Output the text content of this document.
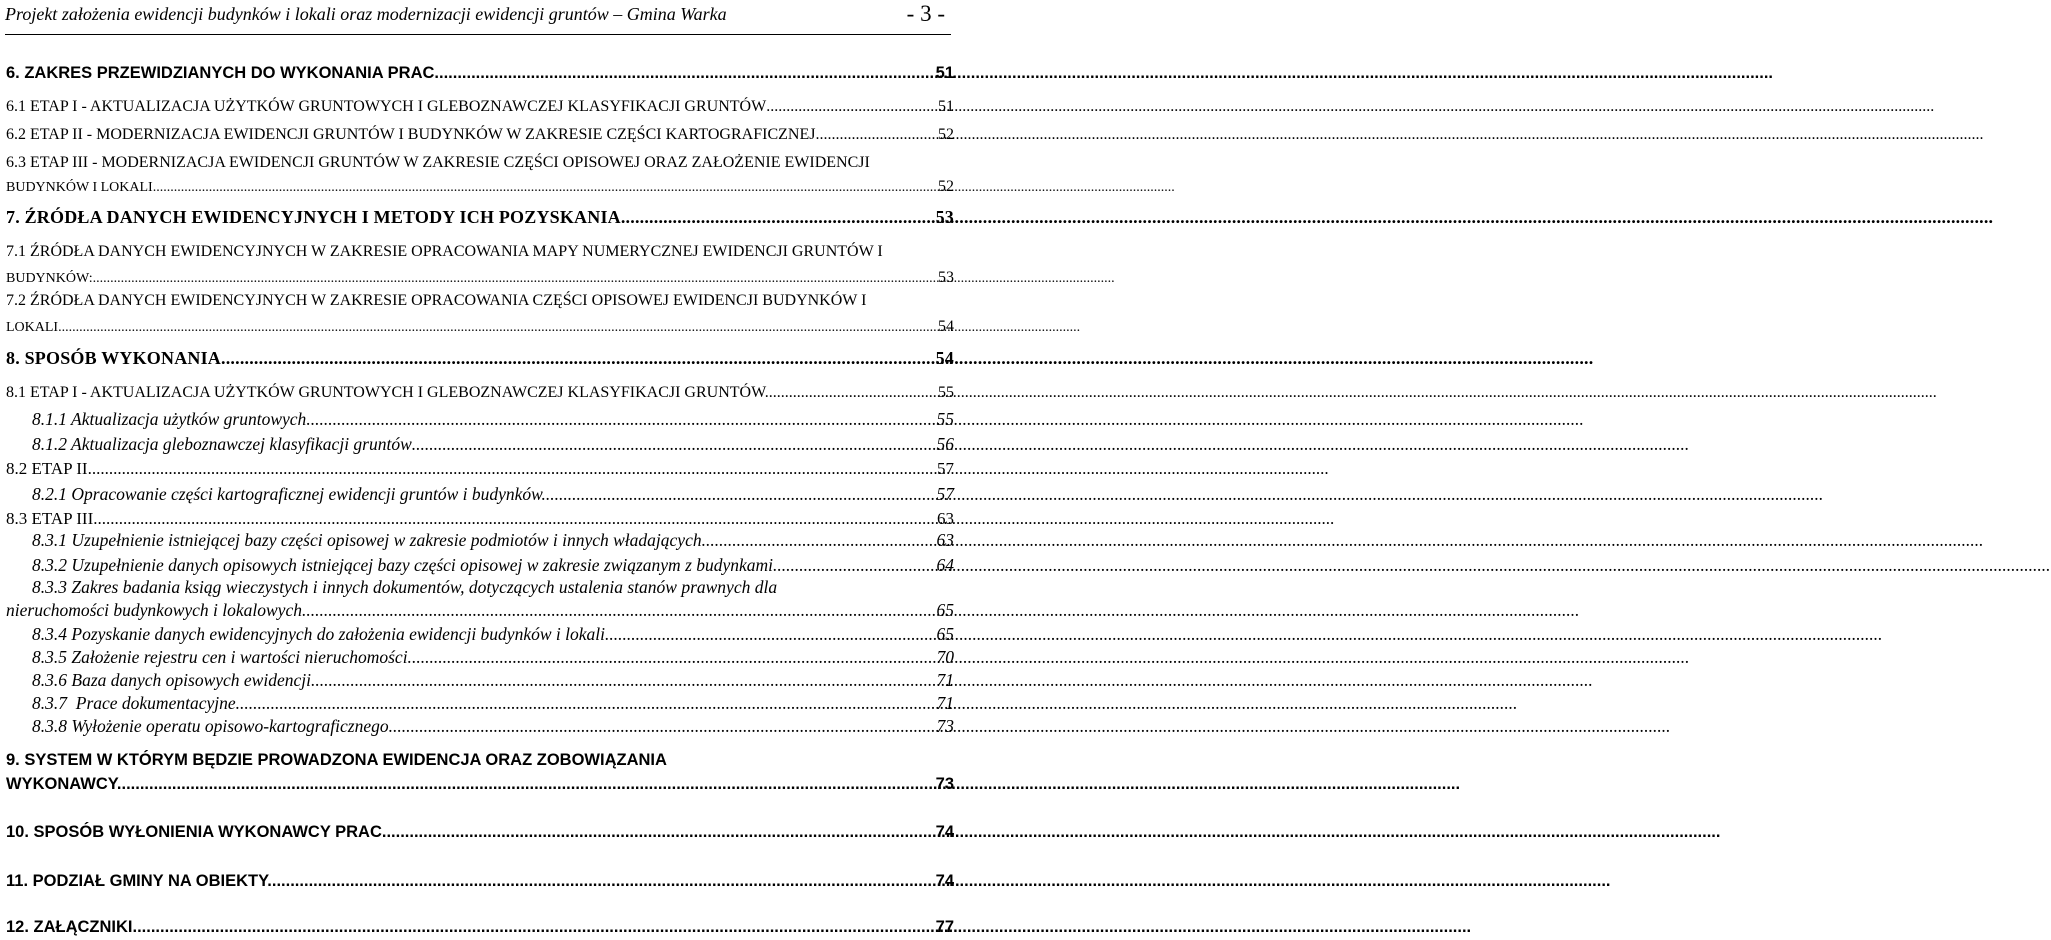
Projekt założenia ewidencji budynków i lokali oraz modernizacji ewidencji gruntów – Gmina Warka	- 3 -
6. ZAKRES PRZEWIDZIANYCH DO WYKONANIA PRAC .....	51
6.1 ETAP I - AKTUALIZACJA UŻYTKÓW GRUNTOWYCH I GLEBOZNAWCZEJ KLASYFIKACJI GRUNTÓW .....	51
6.2 ETAP II - MODERNIZACJA EWIDENCJI GRUNTÓW I BUDYNKÓW W ZAKRESIE CZĘŚCI KARTOGRAFICZNEJ .....	52
6.3 ETAP III - MODERNIZACJA EWIDENCJI GRUNTÓW W ZAKRESIE CZĘŚCI OPISOWEJ ORAZ ZAŁOŻENIE EWIDENCJI
BUDYNKÓW I LOKALI .....	52
7. ŹRÓDŁA DANYCH EWIDENCYJNYCH I METODY ICH POZYSKANIA .....	53
7.1 ŹRÓDŁA DANYCH EWIDENCYJNYCH W ZAKRESIE OPRACOWANIA MAPY NUMERYCZNEJ EWIDENCJI GRUNTÓW I
BUDYNKÓW: .....	53
7.2 ŹRÓDŁA DANYCH EWIDENCYJNYCH W ZAKRESIE OPRACOWANIA CZĘŚCI OPISOWEJ EWIDENCJI BUDYNKÓW I
LOKALI .....	54
8. SPOSÓB WYKONANIA .....	54
8.1 ETAP I - AKTUALIZACJA UŻYTKÓW GRUNTOWYCH I GLEBOZNAWCZEJ KLASYFIKACJI GRUNTÓW. .....	55
8.1.1 Aktualizacja użytków gruntowych .....	55
8.1.2 Aktualizacja gleboznawczej klasyfikacji gruntów .....	56
8.2 ETAP II .....	57
8.2.1 Opracowanie części kartograficznej ewidencji gruntów i budynków. .....	57
8.3 ETAP III .....	63
8.3.1 Uzupełnienie istniejącej bazy części opisowej w zakresie podmiotów i innych władających. .....	63
8.3.2 Uzupełnienie danych opisowych istniejącej bazy części opisowej w zakresie związanym z budynkami .....	64
8.3.3 Zakres badania ksiąg wieczystych i innych dokumentów, dotyczących ustalenia stanów prawnych dla
nieruchomości budynkowych i lokalowych .....	65
8.3.4 Pozyskanie danych ewidencyjnych do założenia ewidencji budynków i lokali .....	65
8.3.5 Założenie rejestru cen i wartości nieruchomości. .....	70
8.3.6 Baza danych opisowych ewidencji. .....	71
8.3.7  Prace dokumentacyjne. .....	71
8.3.8 Wyłożenie operatu opisowo-kartograficznego. .....	73
9. SYSTEM W KTÓRYM BĘDZIE PROWADZONA EWIDENCJA ORAZ ZOBOWIĄZANIA
WYKONAWCY. .....	73
10. SPOSÓB WYŁONIENIA WYKONAWCY PRAC .....	74
11. PODZIAŁ GMINY NA OBIEKTY. .....	74
12. ZAŁĄCZNIKI .....	77
